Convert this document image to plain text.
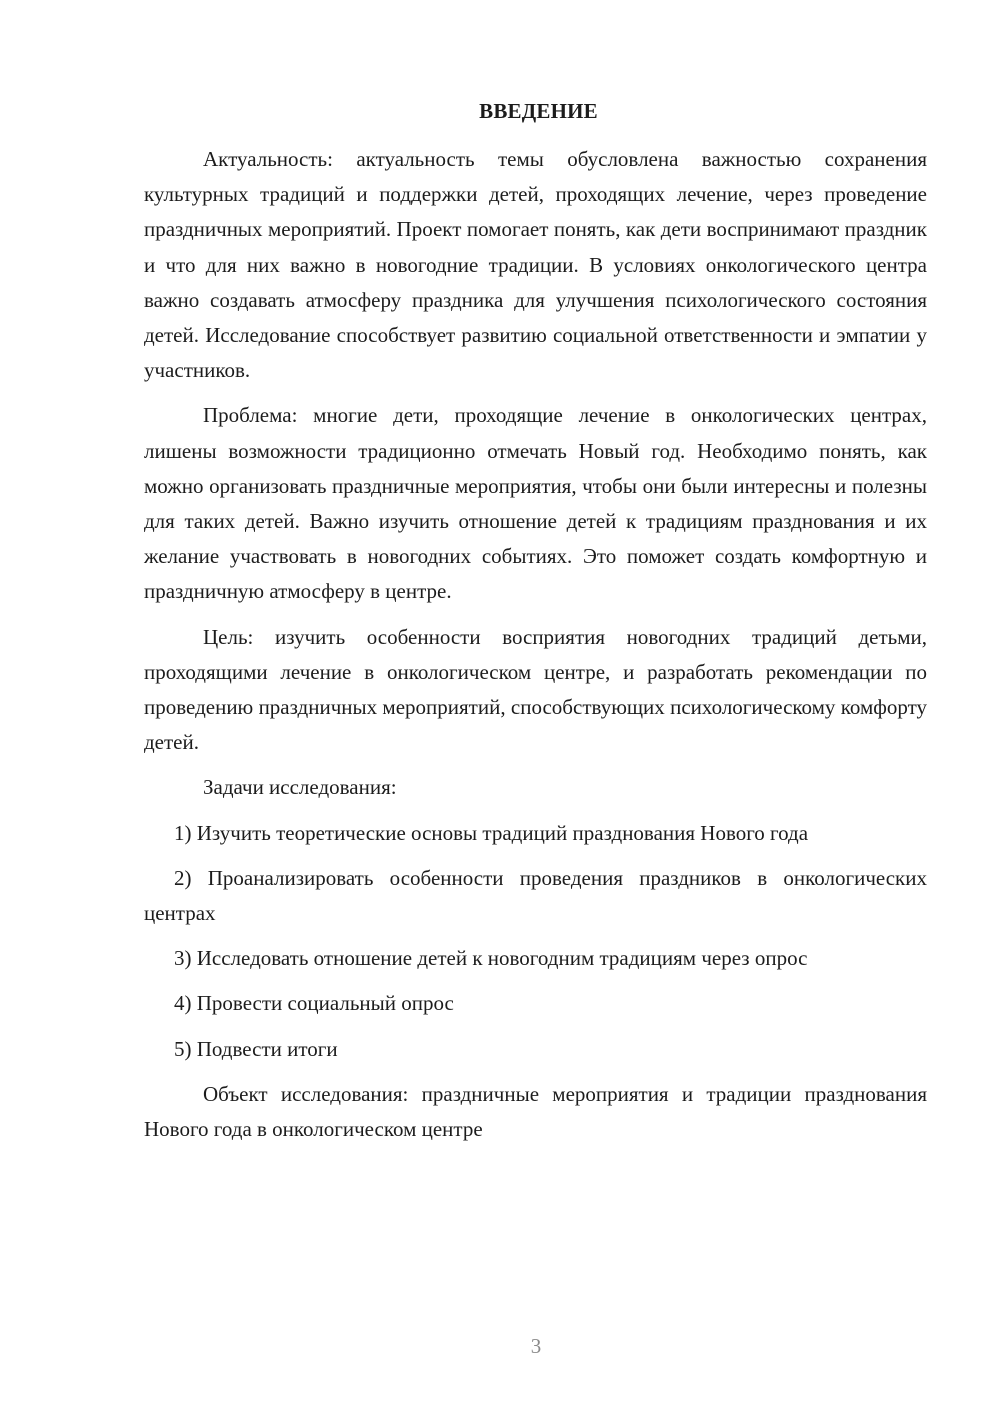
ВВЕДЕНИЕ

Актуальность: актуальность темы обусловлена важностью сохранения культурных традиций и поддержки детей, проходящих лечение, через проведение праздничных мероприятий. Проект помогает понять, как дети воспринимают праздник и что для них важно в новогодние традиции. В условиях онкологического центра важно создавать атмосферу праздника для улучшения психологического состояния детей. Исследование способствует развитию социальной ответственности и эмпатии у участников.

Проблема: многие дети, проходящие лечение в онкологических центрах, лишены возможности традиционно отмечать Новый год. Необходимо понять, как можно организовать праздничные мероприятия, чтобы они были интересны и полезны для таких детей. Важно изучить отношение детей к традициям празднования и их желание участвовать в новогодних событиях. Это поможет создать комфортную и праздничную атмосферу в центре.

Цель: изучить особенности восприятия новогодних традиций детьми, проходящими лечение в онкологическом центре, и разработать рекомендации по проведению праздничных мероприятий, способствующих психологическому комфорту детей.

Задачи исследования:

1) Изучить теоретические основы традиций празднования Нового года

2) Проанализировать особенности проведения праздников в онкологических центрах

3) Исследовать отношение детей к новогодним традициям через опрос

4) Провести социальный опрос

5) Подвести итоги

Объект исследования: праздничные мероприятия и традиции празднования Нового года в онкологическом центре

3
